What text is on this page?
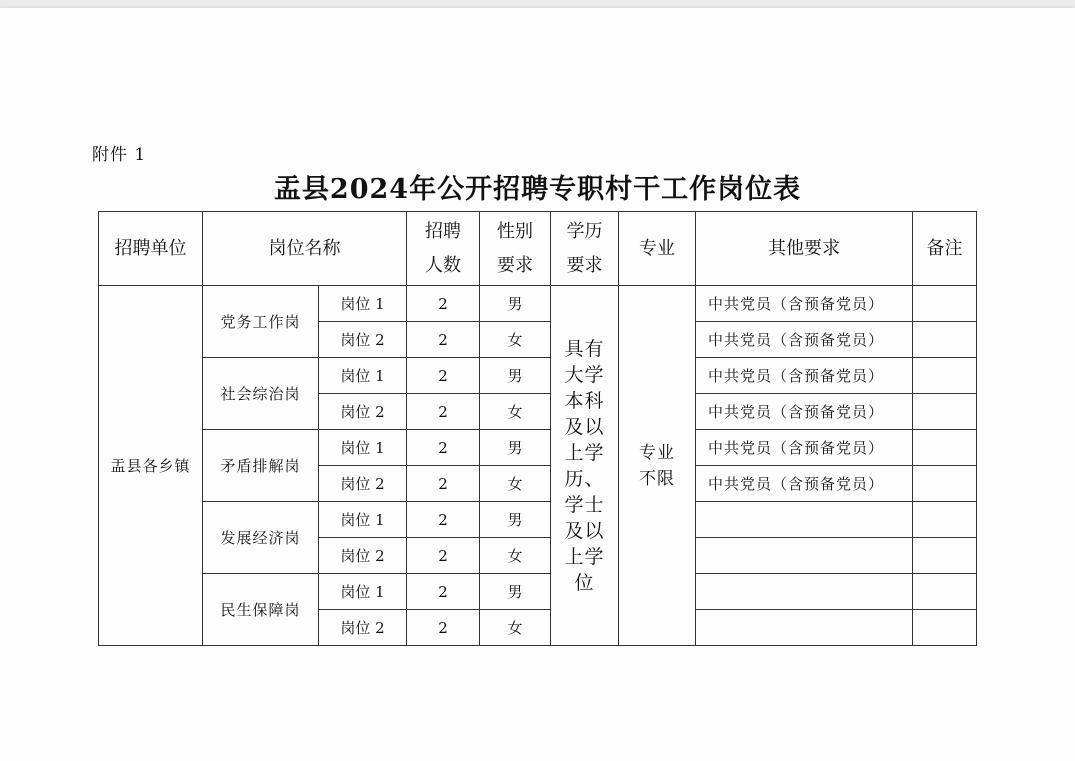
附件 1
盂县2024年公开招聘专职村干工作岗位表
招聘单位	岗位名称		招聘人数	性别要求	学历要求	专业	其他要求	备注
盂县各乡镇	党务工作岗	岗位 1	2	男	具有大学本科及以上学历、学士及以上学位	专业不限	中共党员（含预备党员）	
		岗位 2	2	女			中共党员（含预备党员）	
	社会综治岗	岗位 1	2	男			中共党员（含预备党员）	
		岗位 2	2	女			中共党员（含预备党员）	
	矛盾排解岗	岗位 1	2	男			中共党员（含预备党员）	
		岗位 2	2	女			中共党员（含预备党员）	
	发展经济岗	岗位 1	2	男				
		岗位 2	2	女				
	民生保障岗	岗位 1	2	男				
		岗位 2	2	女				
